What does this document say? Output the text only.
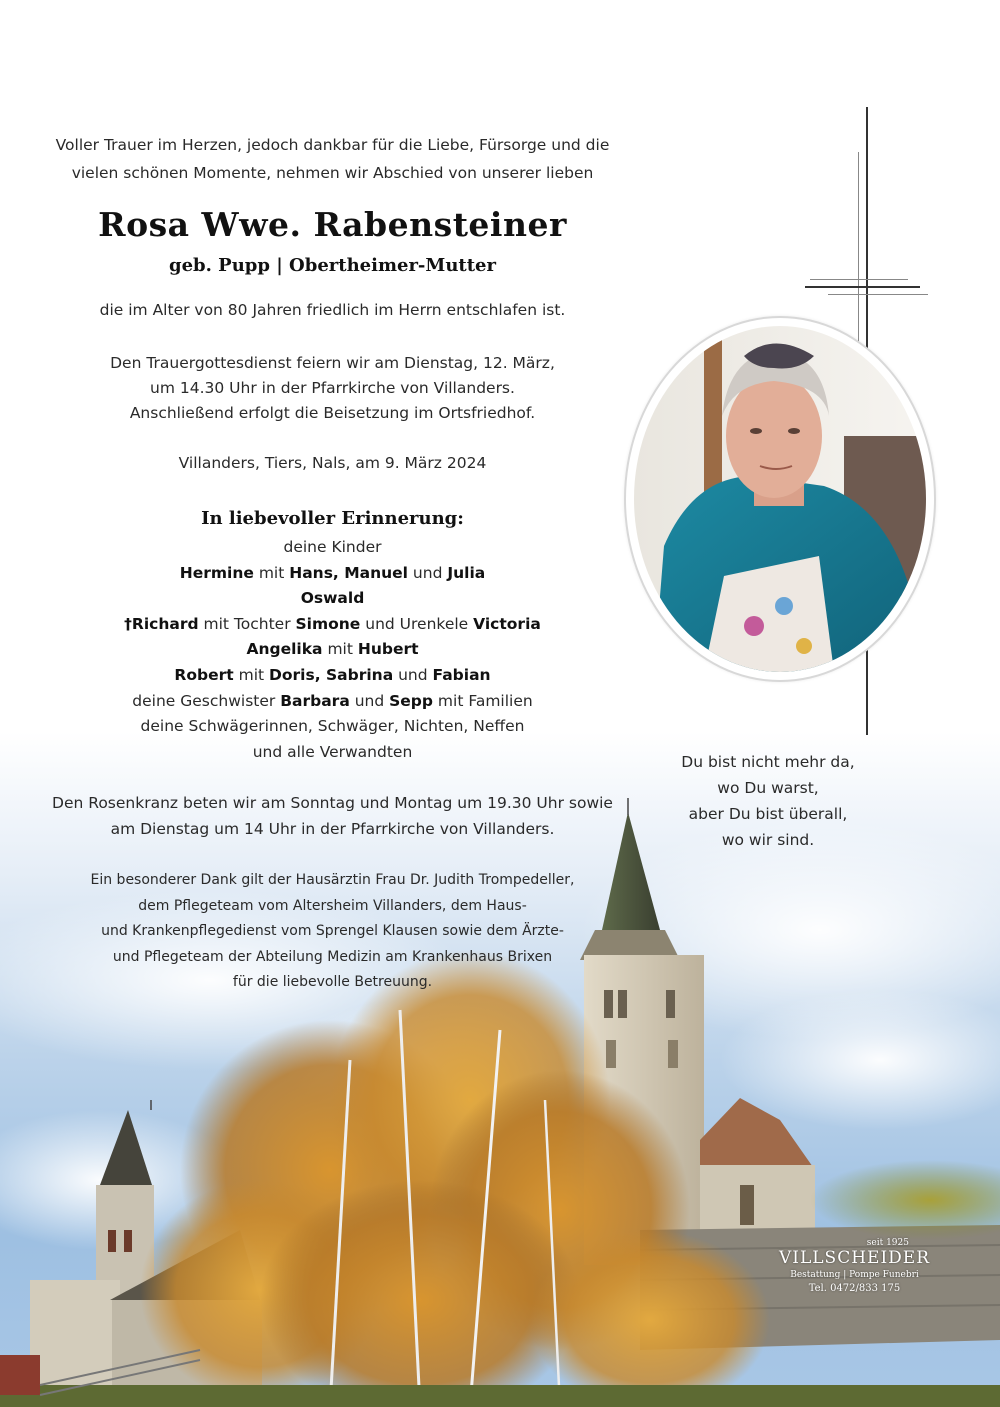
Voller Trauer im Herzen, jedoch dankbar für die Liebe, Fürsorge und die
vielen schönen Momente, nehmen wir Abschied von unserer lieben
Rosa Wwe. Rabensteiner
geb. Pupp | Obertheimer-Mutter
die im Alter von 80 Jahren friedlich im Herrn entschlafen ist.
Den Trauergottesdienst feiern wir am Dienstag, 12. März,
um 14.30 Uhr in der Pfarrkirche von Villanders.
Anschließend erfolgt die Beisetzung im Ortsfriedhof.
Villanders, Tiers, Nals, am 9. März 2024
In liebevoller Erinnerung:
deine Kinder
Hermine mit Hans, Manuel und Julia
Oswald
†Richard mit Tochter Simone und Urenkele Victoria
Angelika mit Hubert
Robert mit Doris, Sabrina und Fabian
deine Geschwister Barbara und Sepp mit Familien
deine Schwägerinnen, Schwäger, Nichten, Neffen
und alle Verwandten
Den Rosenkranz beten wir am Sonntag und Montag um 19.30 Uhr sowie
am Dienstag um 14 Uhr in der Pfarrkirche von Villanders.
Ein besonderer Dank gilt der Hausärztin Frau Dr. Judith Trompedeller,
dem Pflegeteam vom Altersheim Villanders, dem Haus-
und Krankenpflegedienst vom Sprengel Klausen sowie dem Ärzte-
und Pflegeteam der Abteilung Medizin am Krankenhaus Brixen
für die liebevolle Betreuung.
Du bist nicht mehr da,
wo Du warst,
aber Du bist überall,
wo wir sind.
seit 1925
VILLSCHEIDER
Bestattung | Pompe Funebri
Tel. 0472/833 175
